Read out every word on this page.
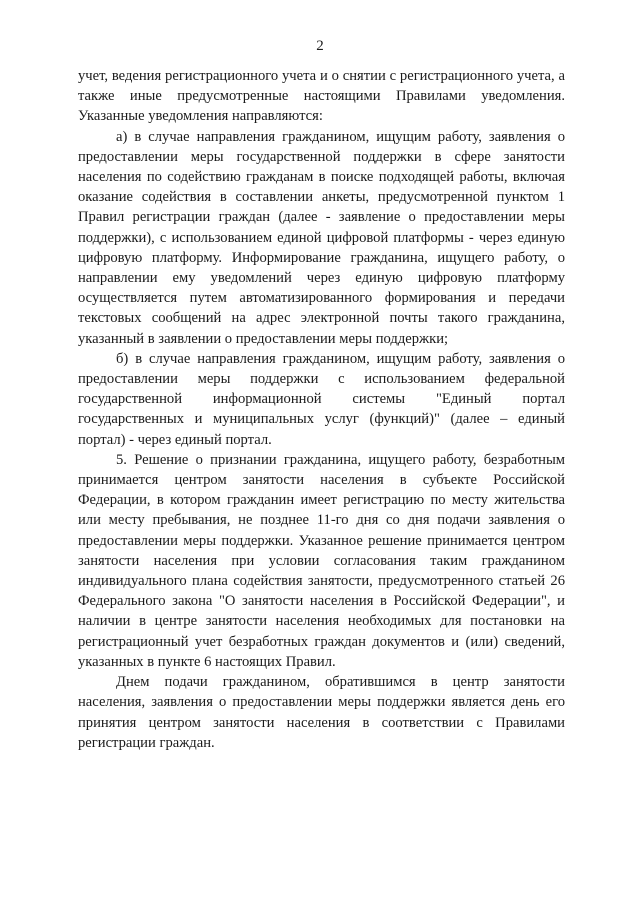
2

учет, ведения регистрационного учета и о снятии с регистрационного учета, а также иные предусмотренные настоящими Правилами уведомления. Указанные уведомления направляются:

а) в случае направления гражданином, ищущим работу, заявления о предоставлении меры государственной поддержки в сфере занятости населения по содействию гражданам в поиске подходящей работы, включая оказание содействия в составлении анкеты, предусмотренной пунктом 1 Правил регистрации граждан (далее - заявление о предоставлении меры поддержки), с использованием единой цифровой платформы - через единую цифровую платформу. Информирование гражданина, ищущего работу, о направлении ему уведомлений через единую цифровую платформу осуществляется путем автоматизированного формирования и передачи текстовых сообщений на адрес электронной почты такого гражданина, указанный в заявлении о предоставлении меры поддержки;

б) в случае направления гражданином, ищущим работу, заявления о предоставлении меры поддержки с использованием федеральной государственной информационной системы "Единый портал государственных и муниципальных услуг (функций)" (далее – единый портал) - через единый портал.

5. Решение о признании гражданина, ищущего работу, безработным принимается центром занятости населения в субъекте Российской Федерации, в котором гражданин имеет регистрацию по месту жительства или месту пребывания, не позднее 11-го дня со дня подачи заявления о предоставлении меры поддержки. Указанное решение принимается центром занятости населения при условии согласования таким гражданином индивидуального плана содействия занятости, предусмотренного статьей 26 Федерального закона "О занятости населения в Российской Федерации", и наличии в центре занятости населения необходимых для постановки на регистрационный учет безработных граждан документов и (или) сведений, указанных в пункте 6 настоящих Правил.

Днем подачи гражданином, обратившимся в центр занятости населения, заявления о предоставлении меры поддержки является день его принятия центром занятости населения в соответствии с Правилами регистрации граждан.
